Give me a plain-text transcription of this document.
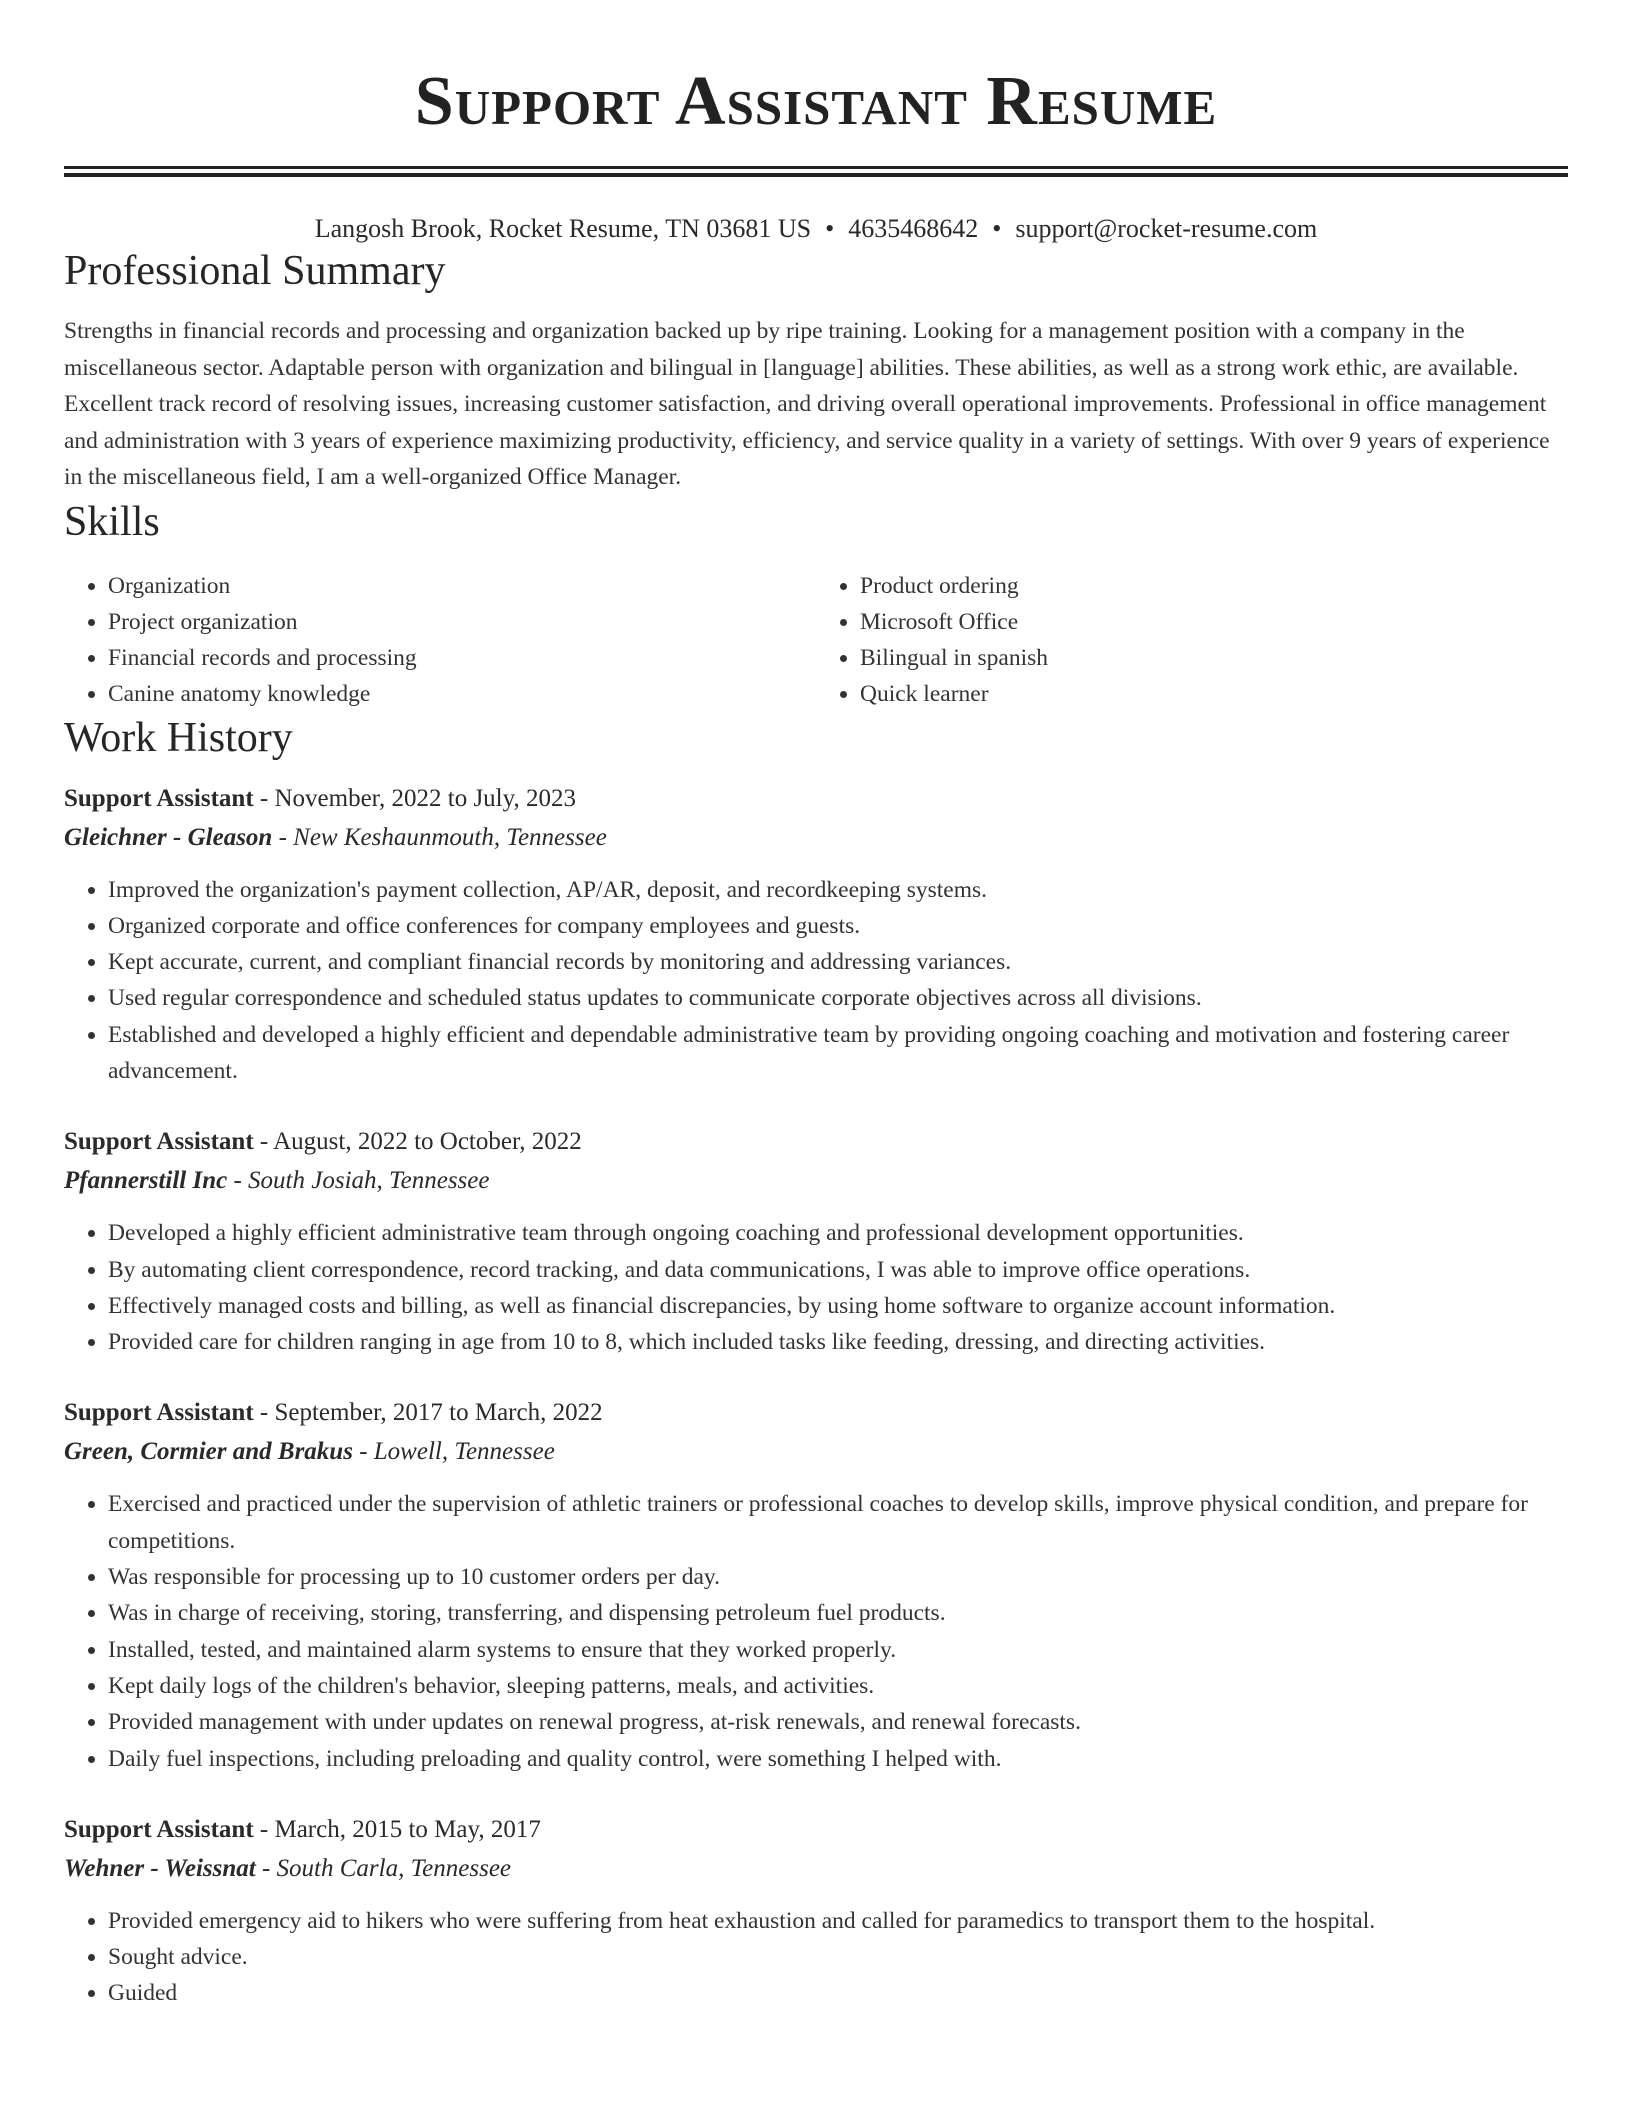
Support Assistant Resume
Langosh Brook, Rocket Resume, TN 03681 US • 4635468642 • support@rocket-resume.com
Professional Summary

Strengths in financial records and processing and organization backed up by ripe training. Looking for a management position with a company in the miscellaneous sector. Adaptable person with organization and bilingual in [language] abilities. These abilities, as well as a strong work ethic, are available. Excellent track record of resolving issues, increasing customer satisfaction, and driving overall operational improvements. Professional in office management and administration with 3 years of experience maximizing productivity, efficiency, and service quality in a variety of settings. With over 9 years of experience in the miscellaneous field, I am a well-organized Office Manager.

Skills
• Organization
• Project organization
• Financial records and processing
• Canine anatomy knowledge
• Product ordering
• Microsoft Office
• Bilingual in spanish
• Quick learner
Work History
Support Assistant - November, 2022 to July, 2023
Gleichner - Gleason - New Keshaunmouth, Tennessee
• Improved the organization's payment collection, AP/AR, deposit, and recordkeeping systems.
• Organized corporate and office conferences for company employees and guests.
• Kept accurate, current, and compliant financial records by monitoring and addressing variances.
• Used regular correspondence and scheduled status updates to communicate corporate objectives across all divisions.
• Established and developed a highly efficient and dependable administrative team by providing ongoing coaching and motivation and fostering career advancement.
Support Assistant - August, 2022 to October, 2022
Pfannerstill Inc - South Josiah, Tennessee
• Developed a highly efficient administrative team through ongoing coaching and professional development opportunities.
• By automating client correspondence, record tracking, and data communications, I was able to improve office operations.
• Effectively managed costs and billing, as well as financial discrepancies, by using home software to organize account information.
• Provided care for children ranging in age from 10 to 8, which included tasks like feeding, dressing, and directing activities.
Support Assistant - September, 2017 to March, 2022
Green, Cormier and Brakus - Lowell, Tennessee
• Exercised and practiced under the supervision of athletic trainers or professional coaches to develop skills, improve physical condition, and prepare for competitions.
• Was responsible for processing up to 10 customer orders per day.
• Was in charge of receiving, storing, transferring, and dispensing petroleum fuel products.
• Installed, tested, and maintained alarm systems to ensure that they worked properly.
• Kept daily logs of the children's behavior, sleeping patterns, meals, and activities.
• Provided management with under updates on renewal progress, at-risk renewals, and renewal forecasts.
• Daily fuel inspections, including preloading and quality control, were something I helped with.
Support Assistant - March, 2015 to May, 2017
Wehner - Weissnat - South Carla, Tennessee
• Provided emergency aid to hikers who were suffering from heat exhaustion and called for paramedics to transport them to the hospital.
• Sought advice.
• Guided
